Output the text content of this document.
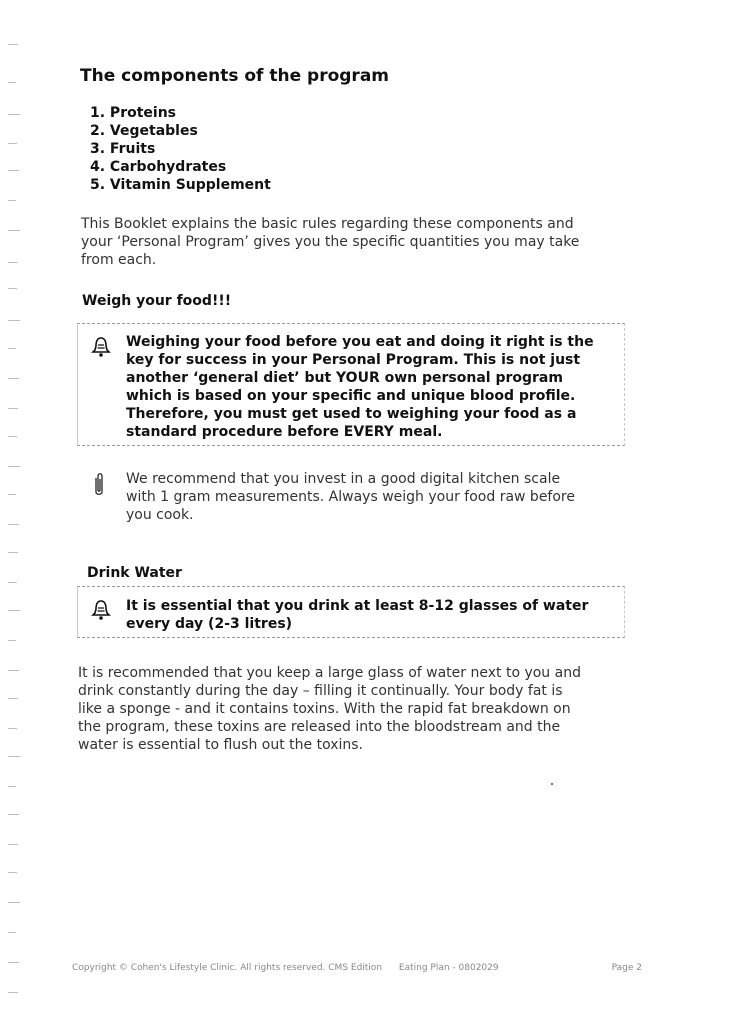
The components of the program
1. Proteins
2. Vegetables
3. Fruits
4. Carbohydrates
5. Vitamin Supplement

This Booklet explains the basic rules regarding these components and
your ‘Personal Program’ gives you the specific quantities you may take
from each.

Weigh your food!!!
Weighing your food before you eat and doing it right is the
key for success in your Personal Program. This is not just
another ‘general diet’ but YOUR own personal program
which is based on your specific and unique blood profile.
Therefore, you must get used to weighing your food as a
standard procedure before EVERY meal.

We recommend that you invest in a good digital kitchen scale
with 1 gram measurements. Always weigh your food raw before
you cook.

Drink Water
It is essential that you drink at least 8-12 glasses of water
every day (2-3 litres)

It is recommended that you keep a large glass of water next to you and
drink constantly during the day – filling it continually. Your body fat is
like a sponge - and it contains toxins. With the rapid fat breakdown on
the program, these toxins are released into the bloodstream and the
water is essential to flush out the toxins.

Copyright © Cohen's Lifestyle Clinic. All rights reserved. CMS Edition Eating Plan - 0802029	Page 2
